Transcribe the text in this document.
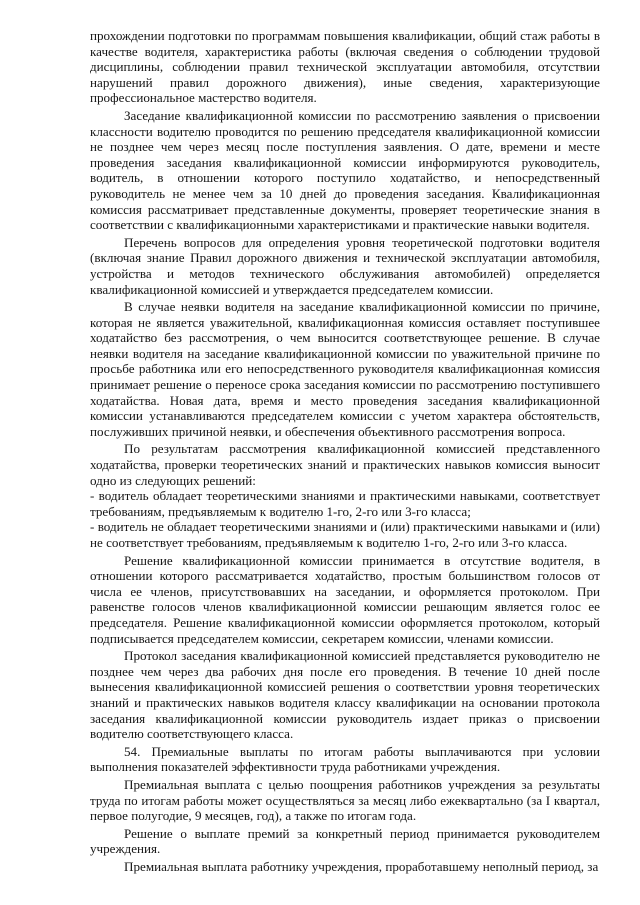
прохождении подготовки по программам повышения квалификации, общий стаж работы в качестве водителя, характеристика работы (включая сведения о соблюдении трудовой дисциплины, соблюдении правил технической эксплуатации автомобиля, отсутствии нарушений правил дорожного движения), иные сведения, характеризующие профессиональное мастерство водителя.

Заседание квалификационной комиссии по рассмотрению заявления о присвоении классности водителю проводится по решению председателя квалификационной комиссии не позднее чем через месяц после поступления заявления. О дате, времени и месте проведения заседания квалификационной комиссии информируются руководитель, водитель, в отношении которого поступило ходатайство, и непосредственный руководитель не менее чем за 10 дней до проведения заседания. Квалификационная комиссия рассматривает представленные документы, проверяет теоретические знания в соответствии с квалификационными характеристиками и практические навыки водителя.

Перечень вопросов для определения уровня теоретической подготовки водителя (включая знание Правил дорожного движения и технической эксплуатации автомобиля, устройства и методов технического обслуживания автомобилей) определяется квалификационной комиссией и утверждается председателем комиссии.

В случае неявки водителя на заседание квалификационной комиссии по причине, которая не является уважительной, квалификационная комиссия оставляет поступившее ходатайство без рассмотрения, о чем выносится соответствующее решение. В случае неявки водителя на заседание квалификационной комиссии по уважительной причине по просьбе работника или его непосредственного руководителя квалификационная комиссия принимает решение о переносе срока заседания комиссии по рассмотрению поступившего ходатайства. Новая дата, время и место проведения заседания квалификационной комиссии устанавливаются председателем комиссии с учетом характера обстоятельств, послуживших причиной неявки, и обеспечения объективного рассмотрения вопроса.

По результатам рассмотрения квалификационной комиссией представленного ходатайства, проверки теоретических знаний и практических навыков комиссия выносит одно из следующих решений:

- водитель обладает теоретическими знаниями и практическими навыками, соответствует требованиям, предъявляемым к водителю 1-го, 2-го или 3-го класса;

- водитель не обладает теоретическими знаниями и (или) практическими навыками и (или) не соответствует требованиям, предъявляемым к водителю 1-го, 2-го или 3-го класса.

Решение квалификационной комиссии принимается в отсутствие водителя, в отношении которого рассматривается ходатайство, простым большинством голосов от числа ее членов, присутствовавших на заседании, и оформляется протоколом. При равенстве голосов членов квалификационной комиссии решающим является голос ее председателя. Решение квалификационной комиссии оформляется протоколом, который подписывается председателем комиссии, секретарем комиссии, членами комиссии.

Протокол заседания квалификационной комиссией представляется руководителю не позднее чем через два рабочих дня после его проведения. В течение 10 дней после вынесения квалификационной комиссией решения о соответствии уровня теоретических знаний и практических навыков водителя классу квалификации на основании протокола заседания квалификационной комиссии руководитель издает приказ о присвоении водителю соответствующего класса.

54. Премиальные выплаты по итогам работы выплачиваются при условии выполнения показателей эффективности труда работниками учреждения.

Премиальная выплата с целью поощрения работников учреждения за результаты труда по итогам работы может осуществляться за месяц либо ежеквартально (за I квартал, первое полугодие, 9 месяцев, год), а также по итогам года.

Решение о выплате премий за конкретный период принимается руководителем учреждения.

Премиальная выплата работнику учреждения, проработавшему неполный период, за
